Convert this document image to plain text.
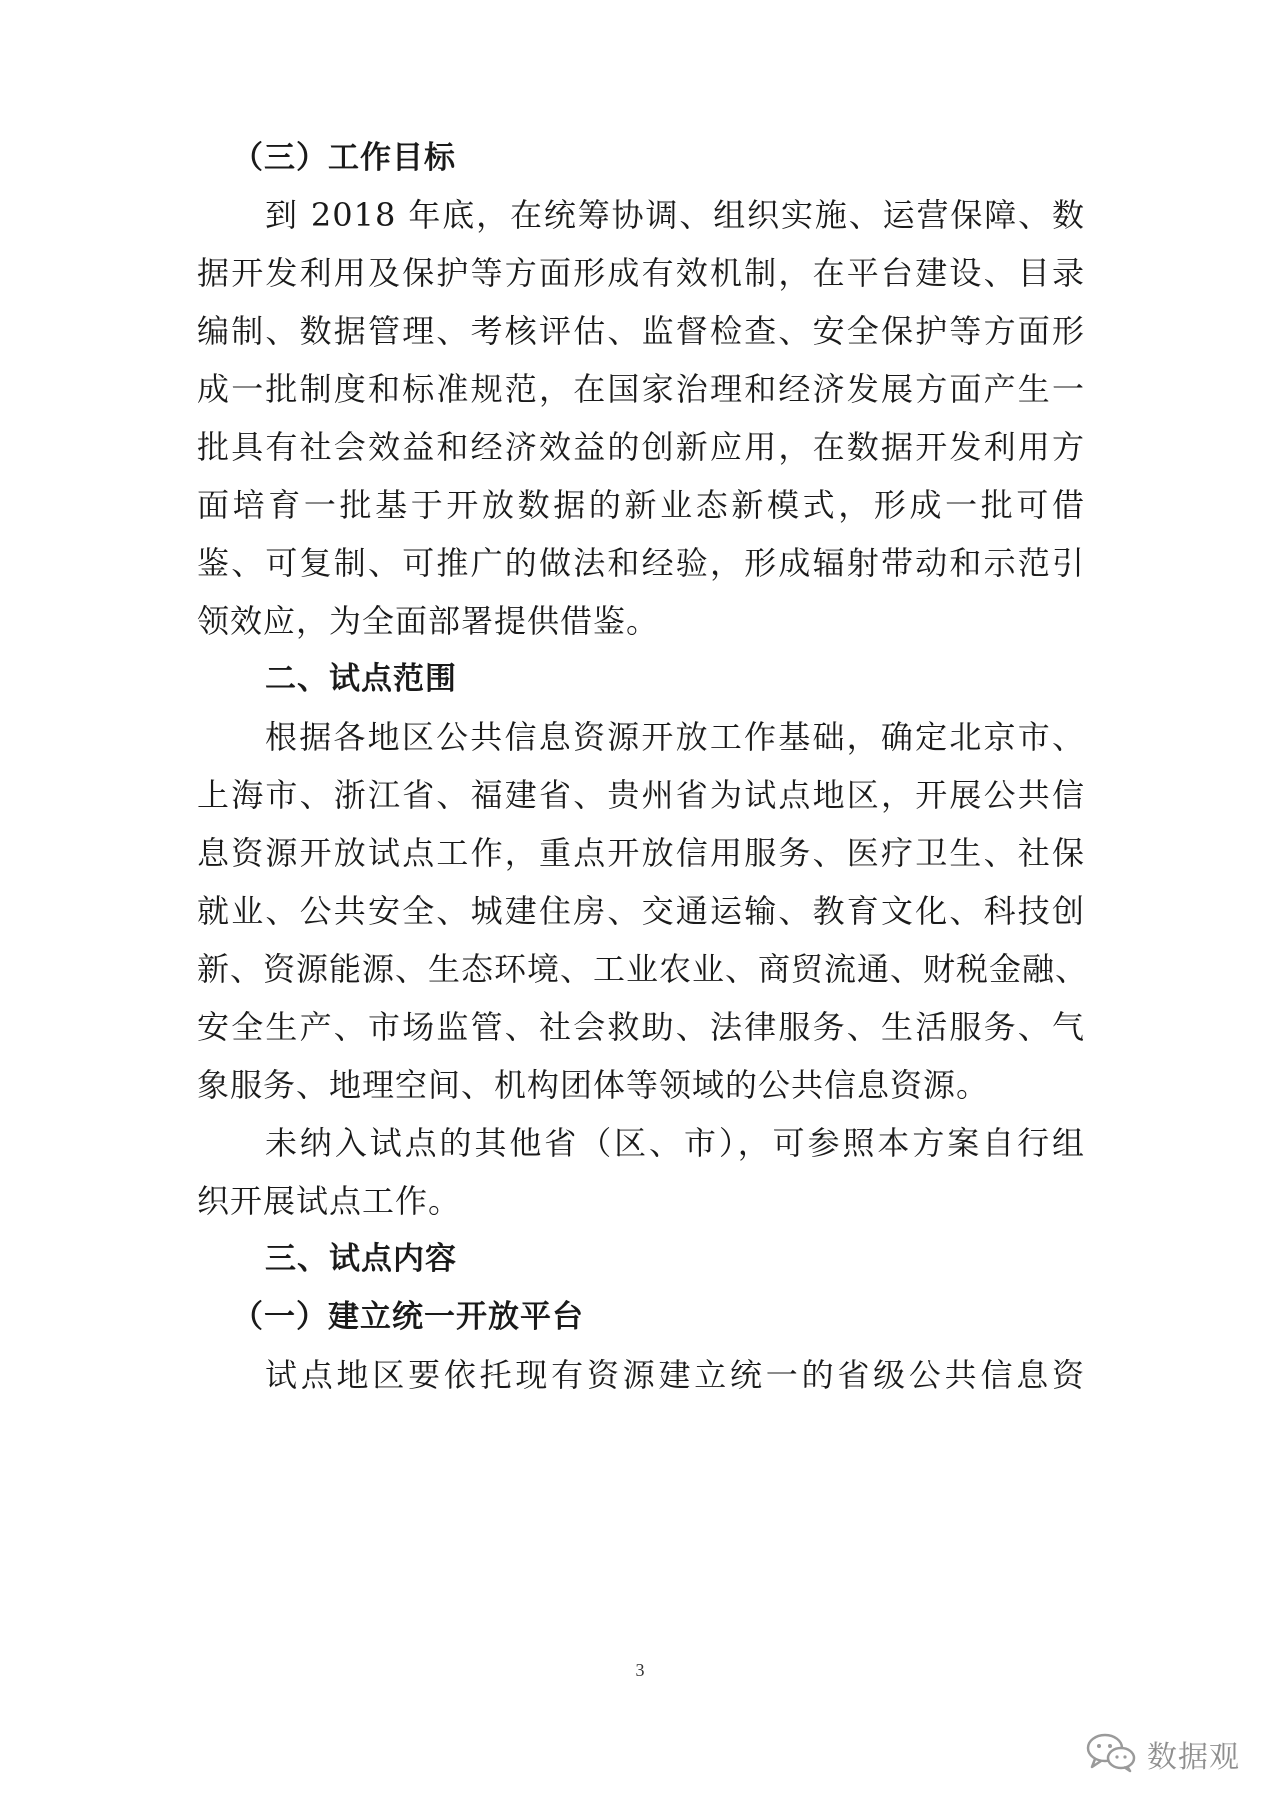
（三）工作目标
到 2018 年底，在统筹协调、组织实施、运营保障、数
据开发利用及保护等方面形成有效机制，在平台建设、目录
编制、数据管理、考核评估、监督检查、安全保护等方面形
成一批制度和标准规范，在国家治理和经济发展方面产生一
批具有社会效益和经济效益的创新应用，在数据开发利用方
面培育一批基于开放数据的新业态新模式，形成一批可借
鉴、可复制、可推广的做法和经验，形成辐射带动和示范引
领效应，为全面部署提供借鉴。
二、试点范围
根据各地区公共信息资源开放工作基础，确定北京市、
上海市、浙江省、福建省、贵州省为试点地区，开展公共信
息资源开放试点工作，重点开放信用服务、医疗卫生、社保
就业、公共安全、城建住房、交通运输、教育文化、科技创
新、资源能源、生态环境、工业农业、商贸流通、财税金融、
安全生产、市场监管、社会救助、法律服务、生活服务、气
象服务、地理空间、机构团体等领域的公共信息资源。
未纳入试点的其他省（区、市），可参照本方案自行组
织开展试点工作。
三、试点内容
（一）建立统一开放平台
试点地区要依托现有资源建立统一的省级公共信息资
3
数据观
